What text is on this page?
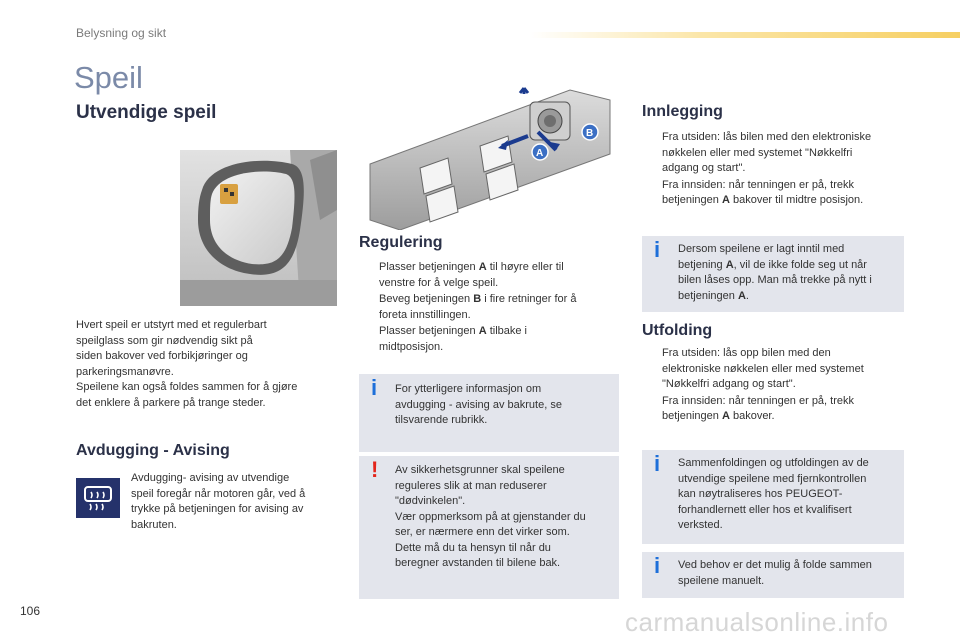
Belysning og sikt
Speil
Utvendige speil
Hvert speil er utstyrt med et regulerbart
speilglass som gir nødvendig sikt på
siden bakover ved forbikjøringer og
parkeringsmanøvre.
Speilene kan også foldes sammen for å gjøre
det enklere å parkere på trange steder.
Avdugging - Avising
Avdugging- avising av utvendige
speil foregår når motoren går, ved å
trykke på betjeningen for avising av
bakruten.
A
B
Regulering
Plasser betjeningen A til høyre eller til
venstre for å velge speil.
Beveg betjeningen B i fire retninger for å
foreta innstillingen.
Plasser betjeningen A tilbake i
midtposisjon.
i For ytterligere informasjon om
avdugging - avising av bakrute, se
tilsvarende rubrikk.
! Av sikkerhetsgrunner skal speilene
reguleres slik at man reduserer
"dødvinkelen".
Vær oppmerksom på at gjenstander du
ser, er nærmere enn det virker som.
Dette må du ta hensyn til når du
beregner avstanden til bilene bak.
Innlegging
Fra utsiden: lås bilen med den elektroniske
nøkkelen eller med systemet "Nøkkelfri
adgang og start".
Fra innsiden: når tenningen er på, trekk
betjeningen A bakover til midtre posisjon.
i Dersom speilene er lagt inntil med
betjening A, vil de ikke folde seg ut når
bilen låses opp. Man må trekke på nytt i
betjeningen A.
Utfolding
Fra utsiden: lås opp bilen med den
elektroniske nøkkelen eller med systemet
"Nøkkelfri adgang og start".
Fra innsiden: når tenningen er på, trekk
betjeningen A bakover.
i Sammenfoldingen og utfoldingen av de
utvendige speilene med fjernkontrollen
kan nøytraliseres hos PEUGEOT-
forhandlernett eller hos et kvalifisert
verksted.
i Ved behov er det mulig å folde sammen
speilene manuelt.
106	carmanualsonline.info
